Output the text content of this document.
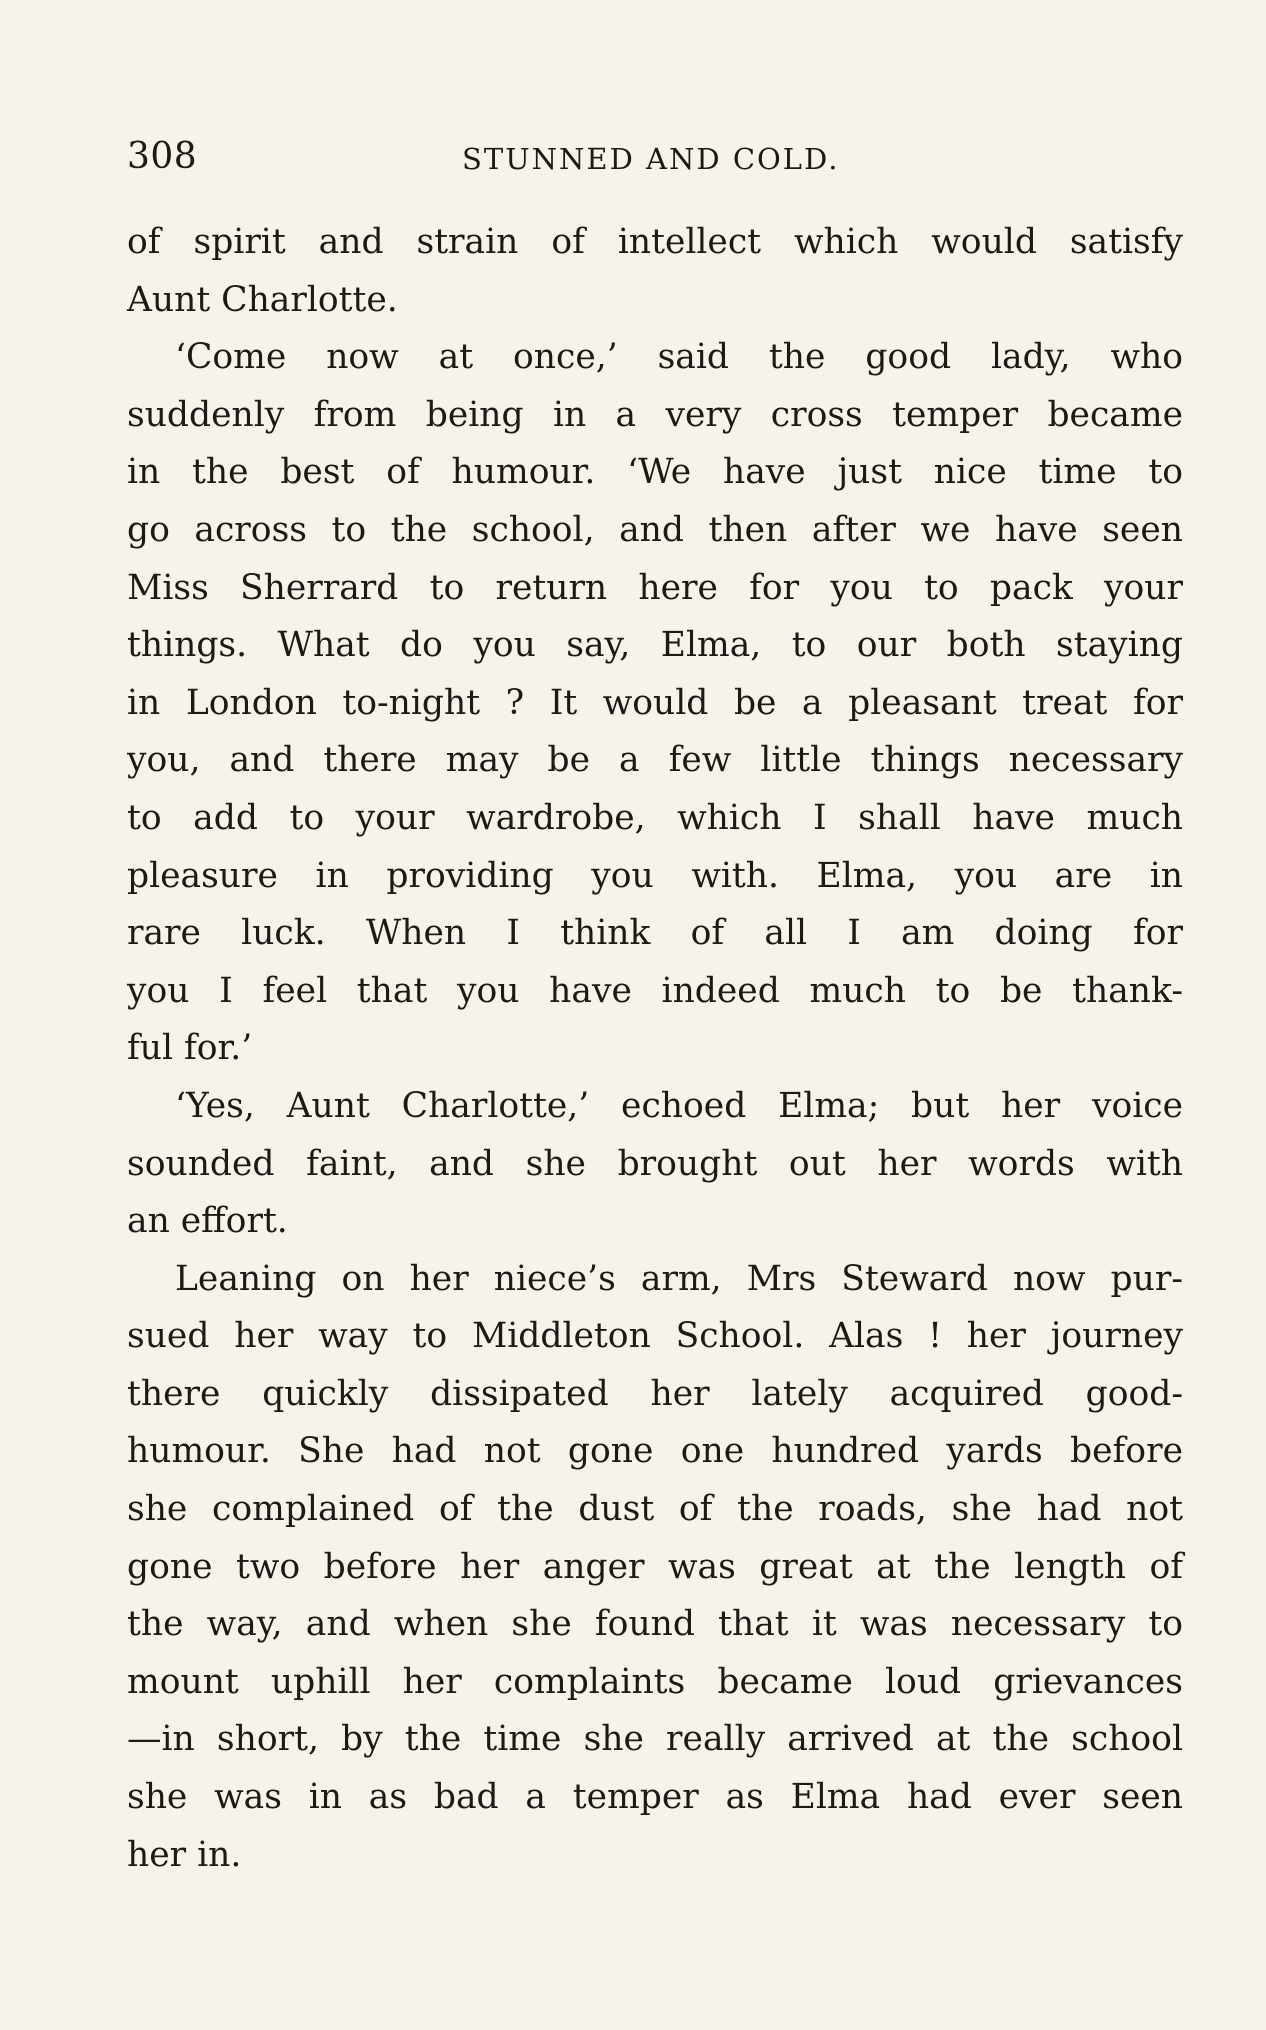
308	STUNNED AND COLD.
of spirit and strain of intellect which would satisfy
Aunt Charlotte.
‘Come now at once,’ said the good lady, who
suddenly from being in a very cross temper became
in the best of humour. ‘We have just nice time to
go across to the school, and then after we have seen
Miss Sherrard to return here for you to pack your
things. What do you say, Elma, to our both staying
in London to-night ? It would be a pleasant treat for
you, and there may be a few little things necessary
to add to your wardrobe, which I shall have much
pleasure in providing you with. Elma, you are in
rare luck. When I think of all I am doing for
you I feel that you have indeed much to be thank-
ful for.’
‘Yes, Aunt Charlotte,’ echoed Elma; but her voice
sounded faint, and she brought out her words with
an effort.
Leaning on her niece’s arm, Mrs Steward now pur-
sued her way to Middleton School. Alas ! her journey
there quickly dissipated her lately acquired good-
humour. She had not gone one hundred yards before
she complained of the dust of the roads, she had not
gone two before her anger was great at the length of
the way, and when she found that it was necessary to
mount uphill her complaints became loud grievances
—in short, by the time she really arrived at the school
she was in as bad a temper as Elma had ever seen
her in.
